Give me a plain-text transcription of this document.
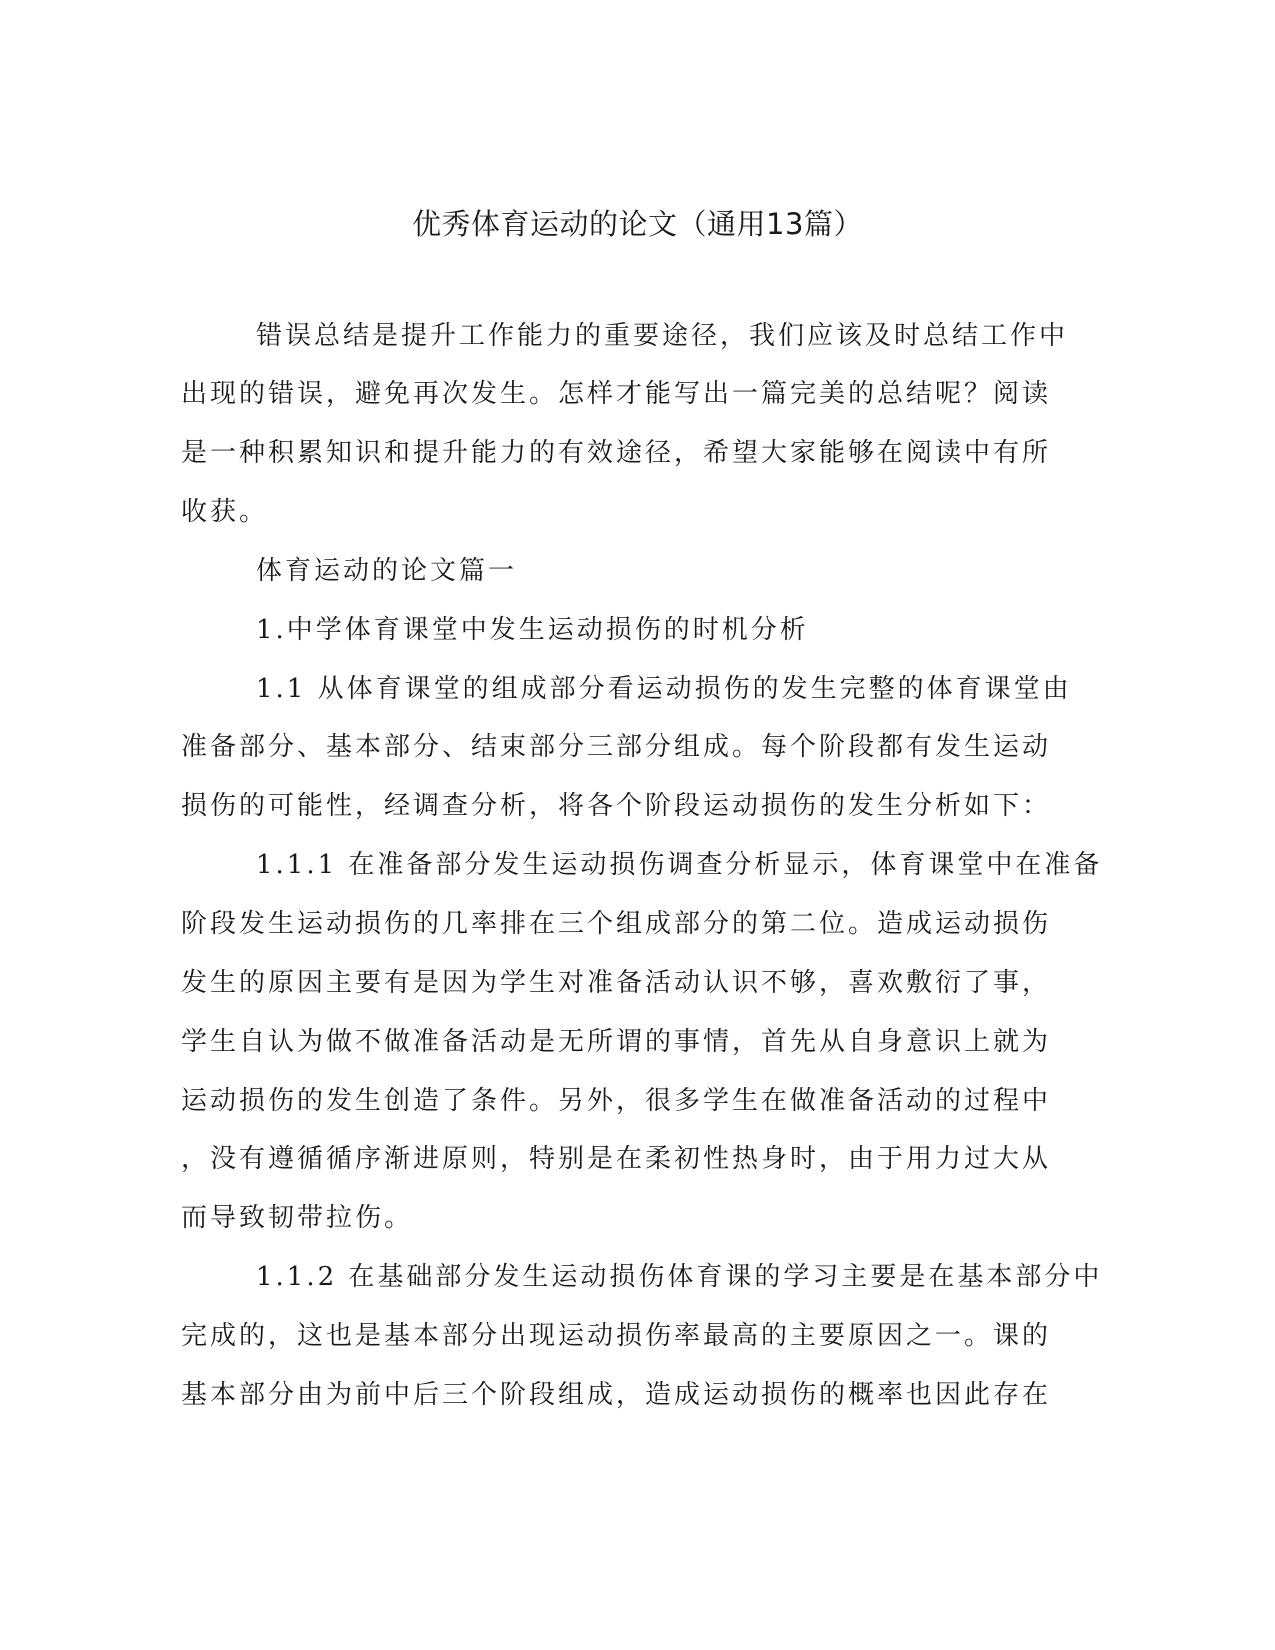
优秀体育运动的论文（通用13篇）
错误总结是提升工作能力的重要途径，我们应该及时总结工作中
出现的错误，避免再次发生。怎样才能写出一篇完美的总结呢？阅读
是一种积累知识和提升能力的有效途径，希望大家能够在阅读中有所
收获。
体育运动的论文篇一
1.中学体育课堂中发生运动损伤的时机分析
1.1 从体育课堂的组成部分看运动损伤的发生完整的体育课堂由
准备部分、基本部分、结束部分三部分组成。每个阶段都有发生运动
损伤的可能性，经调查分析，将各个阶段运动损伤的发生分析如下：
1.1.1 在准备部分发生运动损伤调查分析显示，体育课堂中在准备
阶段发生运动损伤的几率排在三个组成部分的第二位。造成运动损伤
发生的原因主要有是因为学生对准备活动认识不够，喜欢敷衍了事，
学生自认为做不做准备活动是无所谓的事情，首先从自身意识上就为
运动损伤的发生创造了条件。另外，很多学生在做准备活动的过程中
，没有遵循循序渐进原则，特别是在柔初性热身时，由于用力过大从
而导致韧带拉伤。
1.1.2 在基础部分发生运动损伤体育课的学习主要是在基本部分中
完成的，这也是基本部分出现运动损伤率最高的主要原因之一。课的
基本部分由为前中后三个阶段组成，造成运动损伤的概率也因此存在
